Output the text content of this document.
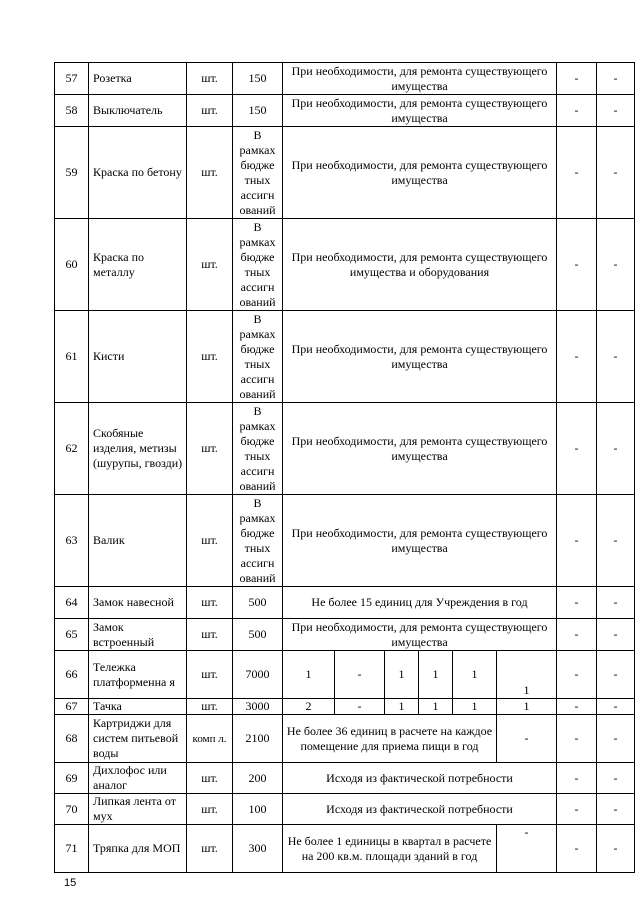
57	Розетка	шт.	150	При необходимости, для ремонта существующего имущества						-	-
58	Выключатель	шт.	150	При необходимости, для ремонта существующего имущества						-	-
59	Краска по бетону	шт.	В рамках бюдже тных ассигн ований	При необходимости, для ремонта существующего имущества						-	-
60	Краска по металлу	шт.	В рамках бюдже тных ассигн ований	При необходимости, для ремонта существующего имущества и оборудования						-	-
61	Кисти	шт.	В рамках бюдже тных ассигн ований	При необходимости, для ремонта существующего имущества						-	-
62	Скобяные изделия, метизы (шурупы, гвозди)	шт.	В рамках бюдже тных ассигн ований	При необходимости, для ремонта существующего имущества						-	-
63	Валик	шт.	В рамках бюдже тных ассигн ований	При необходимости, для ремонта существующего имущества						-	-
64	Замок навесной	шт.	500	Не более 15 единиц для Учреждения в год						-	-
65	Замок встроенный	шт.	500	При необходимости, для ремонта существующего имущества						-	-
66	Тележка платформенна я	шт.	7000	1	-	1	1	1	1	-	-
67	Тачка	шт.	3000	2	-	1	1	1	1	-	-
68	Картриджи для систем питьевой воды	комп л.	2100	Не более 36 единиц в расчете на каждое помещение для приема пищи в год					-	-	-
69	Дихлофос или аналог	шт.	200	Исходя из фактической потребности						-	-
70	Липкая лента от мух	шт.	100	Исходя из фактической потребности						-	-
71	Тряпка для МОП	шт.	300	Не более 1 единицы в квартал в расчете на 200 кв.м. площади зданий в год					-	-	-
15
